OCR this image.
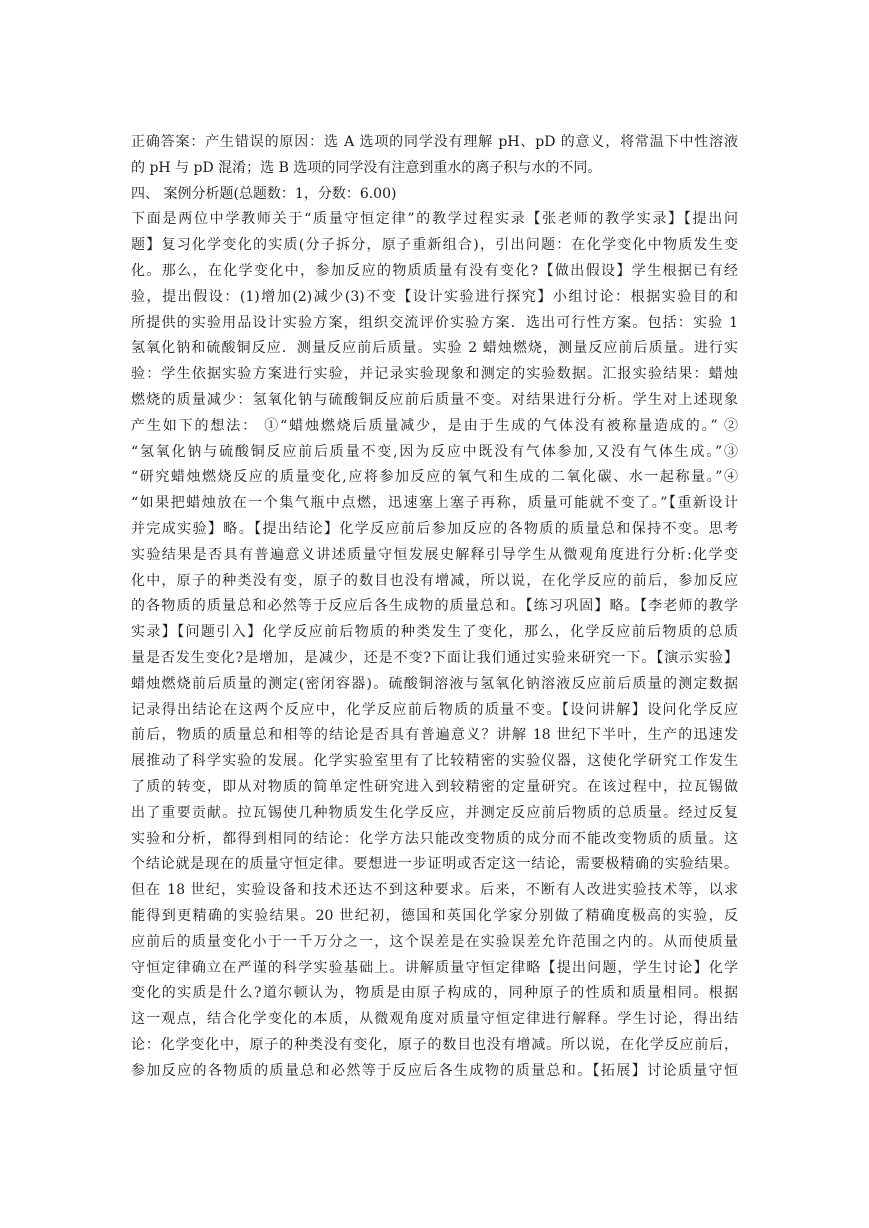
正确答案：产生错误的原因：选 A 选项的同学没有理解 pH、pD 的意义，将常温下中性溶液
的 pH 与 pD 混淆；选 B 选项的同学没有注意到重水的离子积与水的不同。
四、 案例分析题(总题数：1，分数：6.00)
下面是两位中学教师关于“质量守恒定律”的教学过程实录【张老师的教学实录】【提出问
题】复习化学变化的实质(分子拆分，原子重新组合)，引出问题：在化学变化中物质发生变
化。那么，在化学变化中，参加反应的物质质量有没有变化?【做出假设】学生根据已有经
验，提出假设：(1)增加(2)减少(3)不变【设计实验进行探究】小组讨论：根据实验目的和
所提供的实验用品设计实验方案，组织交流评价实验方案．选出可行性方案。包括：实验 1
氢氧化钠和硫酸铜反应．测量反应前后质量。实验 2 蜡烛燃烧，测量反应前后质量。进行实
验：学生依据实验方案进行实验，并记录实验现象和测定的实验数据。汇报实验结果：蜡烛
燃烧的质量减少：氢氧化钠与硫酸铜反应前后质量不变。对结果进行分析。学生对上述现象
产生如下的想法： ①“蜡烛燃烧后质量减少，是由于生成的气体没有被称量造成的。” ②
“氢氧化钠与硫酸铜反应前后质量不变,因为反应中既没有气体参加,又没有气体生成。”③
“研究蜡烛燃烧反应的质量变化,应将参加反应的氧气和生成的二氧化碳、水一起称量。”④
“如果把蜡烛放在一个集气瓶中点燃，迅速塞上塞子再称，质量可能就不变了。”【重新设计
并完成实验】略。【提出结论】化学反应前后参加反应的各物质的质量总和保持不变。思考
实验结果是否具有普遍意义讲述质量守恒发展史解释引导学生从微观角度进行分析:化学变
化中，原子的种类没有变，原子的数目也没有增减，所以说，在化学反应的前后，参加反应
的各物质的质量总和必然等于反应后各生成物的质量总和。【练习巩固】略。【李老师的教学
实录】【问题引入】化学反应前后物质的种类发生了变化，那么，化学反应前后物质的总质
量是否发生变化?是增加，是减少，还是不变?下面让我们通过实验来研究一下。【演示实验】
蜡烛燃烧前后质量的测定(密闭容器)。硫酸铜溶液与氢氧化钠溶液反应前后质量的测定数据
记录得出结论在这两个反应中，化学反应前后物质的质量不变。【设问讲解】设问化学反应
前后，物质的质量总和相等的结论是否具有普遍意义？讲解 18 世纪下半叶，生产的迅速发
展推动了科学实验的发展。化学实验室里有了比较精密的实验仪器，这使化学研究工作发生
了质的转变，即从对物质的简单定性研究进入到较精密的定量研究。在该过程中，拉瓦锡做
出了重要贡献。拉瓦锡使几种物质发生化学反应，并测定反应前后物质的总质量。经过反复
实验和分析，都得到相同的结论：化学方法只能改变物质的成分而不能改变物质的质量。这
个结论就是现在的质量守恒定律。要想进一步证明或否定这一结论，需要极精确的实验结果。
但在 18 世纪，实验设备和技术还达不到这种要求。后来，不断有人改进实验技术等，以求
能得到更精确的实验结果。20 世纪初，德国和英国化学家分别做了精确度极高的实验，反
应前后的质量变化小于一千万分之一，这个误差是在实验误差允许范围之内的。从而使质量
守恒定律确立在严谨的科学实验基础上。讲解质量守恒定律略【提出问题，学生讨论】化学
变化的实质是什么?道尔顿认为，物质是由原子构成的，同种原子的性质和质量相同。根据
这一观点，结合化学变化的本质，从微观角度对质量守恒定律进行解释。学生讨论，得出结
论：化学变化中，原子的种类没有变化，原子的数目也没有增减。所以说，在化学反应前后，
参加反应的各物质的质量总和必然等于反应后各生成物的质量总和。【拓展】讨论质量守恒
